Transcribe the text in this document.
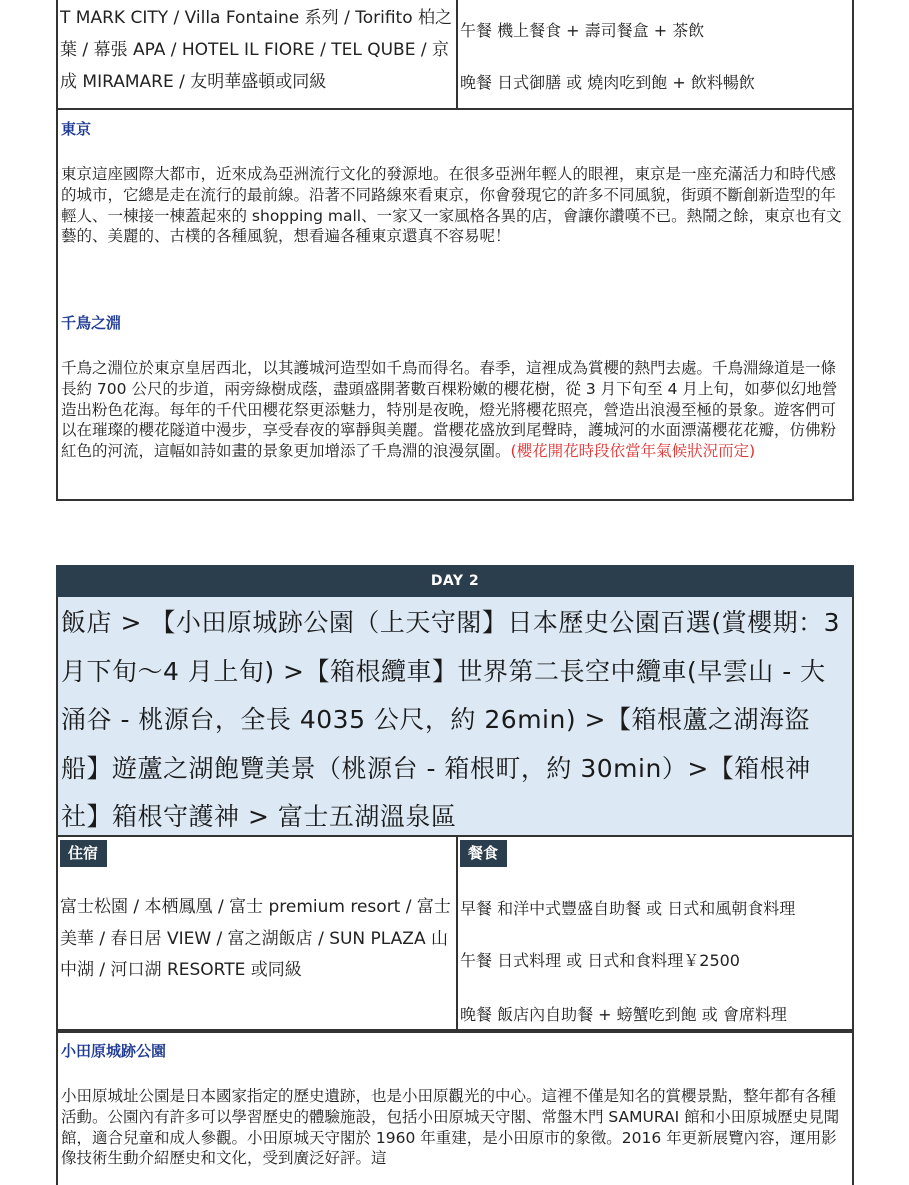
T MARK CITY / Villa Fontaine 系列 / Torifito 柏之葉 / 幕張 APA / HOTEL IL FIORE / TEL QUBE / 京成 MIRAMARE / 友明華盛頓或同級
午餐 機上餐食 + 壽司餐盒 + 茶飲
晚餐 日式御膳 或 燒肉吃到飽 + 飲料暢飲
東京
東京這座國際大都市，近來成為亞洲流行文化的發源地。在很多亞洲年輕人的眼裡，東京是一座充滿活力和時代感的城市，它總是走在流行的最前線。沿著不同路線來看東京，你會發現它的許多不同風貌，街頭不斷創新造型的年輕人、一棟接一棟蓋起來的 shopping mall、一家又一家風格各異的店，會讓你讚嘆不已。熱鬧之餘，東京也有文藝的、美麗的、古樸的各種風貌，想看遍各種東京還真不容易呢！
千鳥之淵
千鳥之淵位於東京皇居西北，以其護城河造型如千鳥而得名。春季，這裡成為賞櫻的熱門去處。千鳥淵綠道是一條長約 700 公尺的步道，兩旁綠樹成蔭，盡頭盛開著數百棵粉嫩的櫻花樹，從 3 月下旬至 4 月上旬，如夢似幻地營造出粉色花海。每年的千代田櫻花祭更添魅力，特別是夜晚，燈光將櫻花照亮，營造出浪漫至極的景象。遊客們可以在璀璨的櫻花隧道中漫步，享受春夜的寧靜與美麗。當櫻花盛放到尾聲時，護城河的水面漂滿櫻花花瓣，仿佛粉紅色的河流，這幅如詩如畫的景象更加增添了千鳥淵的浪漫氛圍。(櫻花開花時段依當年氣候狀況而定)
DAY 2
飯店 > 【小田原城跡公園（上天守閣】日本歷史公園百選(賞櫻期：3 月下旬～4 月上旬) >【箱根纜車】世界第二長空中纜車(早雲山 - 大涌谷 - 桃源台，全長 4035 公尺，約 26min) >【箱根蘆之湖海盜船】遊蘆之湖飽覽美景（桃源台 - 箱根町，約 30min）>【箱根神社】箱根守護神 > 富士五湖溫泉區
住宿
富士松園 / 本栖鳳凰 / 富士 premium resort / 富士美華 / 春日居 VIEW / 富之湖飯店 / SUN PLAZA 山中湖 / 河口湖 RESORTE 或同級
餐食
早餐 和洋中式豐盛自助餐 或 日式和風朝食料理
午餐 日式料理 或 日式和食料理￥2500
晚餐 飯店內自助餐 + 螃蟹吃到飽 或 會席料理
小田原城跡公園
小田原城址公園是日本國家指定的歷史遺跡，也是小田原觀光的中心。這裡不僅是知名的賞櫻景點，整年都有各種活動。公園內有許多可以學習歷史的體驗施設，包括小田原城天守閣、常盤木門 SAMURAI 館和小田原城歷史見聞館，適合兒童和成人參觀。小田原城天守閣於 1960 年重建，是小田原市的象徵。2016 年更新展覽內容，運用影像技術生動介紹歷史和文化，受到廣泛好評。這
